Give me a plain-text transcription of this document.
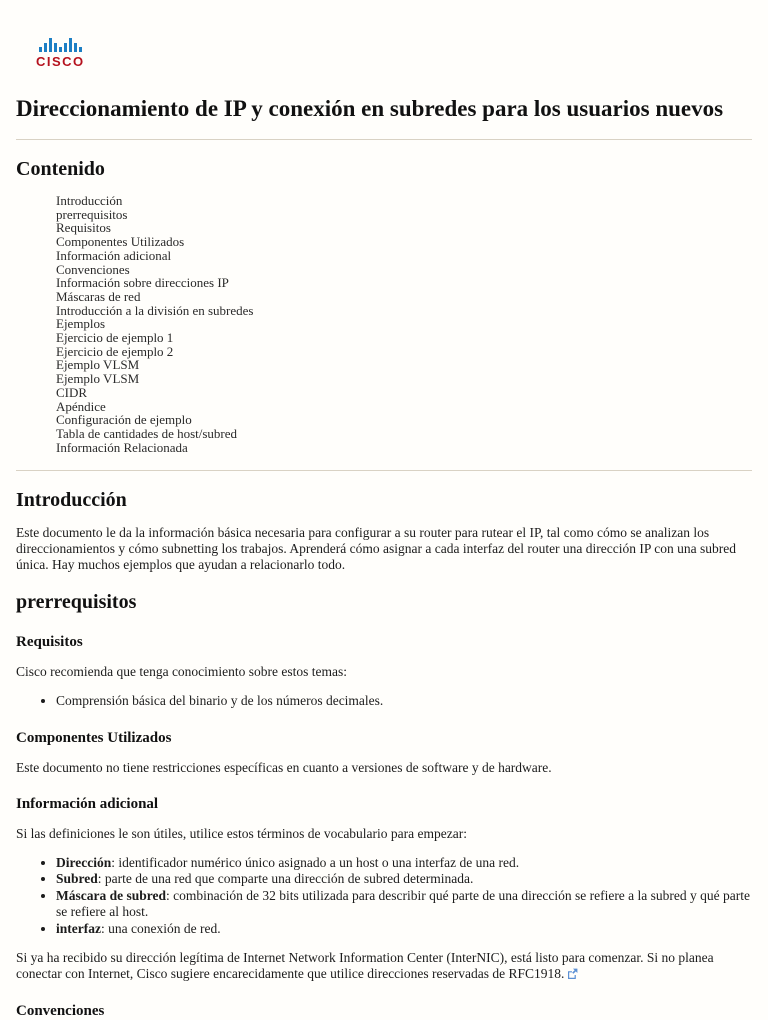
CISCO
Direccionamiento de IP y conexión en subredes para los usuarios nuevos
Contenido
Introducción
prerrequisitos
Requisitos
Componentes Utilizados
Información adicional
Convenciones
Información sobre direcciones IP
Máscaras de red
Introducción a la división en subredes
Ejemplos
Ejercicio de ejemplo 1
Ejercicio de ejemplo 2
Ejemplo VLSM
Ejemplo VLSM
CIDR
Apéndice
Configuración de ejemplo
Tabla de cantidades de host/subred
Información Relacionada
Introducción

Este documento le da la información básica necesaria para configurar a su router para rutear el IP, tal como cómo se analizan los direccionamientos y cómo subnetting los trabajos. Aprenderá cómo asignar a cada interfaz del router una dirección IP con una subred única. Hay muchos ejemplos que ayudan a relacionarlo todo.

prerrequisitos
Requisitos

Cisco recomienda que tenga conocimiento sobre estos temas:

• Comprensión básica del binario y de los números decimales.
Componentes Utilizados

Este documento no tiene restricciones específicas en cuanto a versiones de software y de hardware.

Información adicional

Si las definiciones le son útiles, utilice estos términos de vocabulario para empezar:

• Dirección: identificador numérico único asignado a un host o una interfaz de una red.
• Subred: parte de una red que comparte una dirección de subred determinada.
• Máscara de subred: combinación de 32 bits utilizada para describir qué parte de una dirección se refiere a la subred y qué parte se refiere al host.
• interfaz: una conexión de red.

Si ya ha recibido su dirección legítima de Internet Network Information Center (InterNIC), está listo para comenzar. Si no planea conectar con Internet, Cisco sugiere encarecidamente que utilice direcciones reservadas de RFC1918.

Convenciones
